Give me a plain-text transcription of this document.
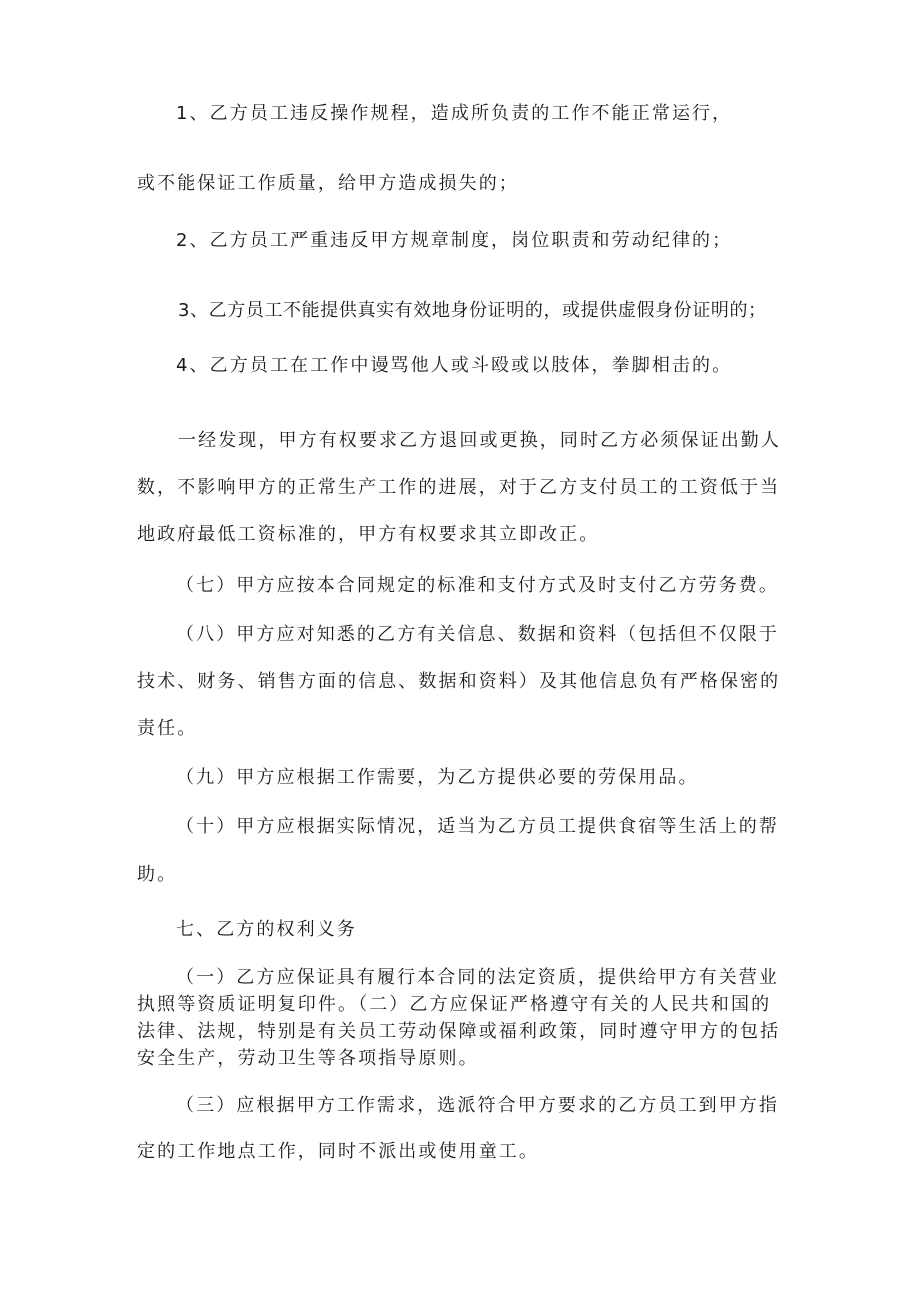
1、乙方员工违反操作规程，造成所负责的工作不能正常运行，

或不能保证工作质量，给甲方造成损失的；

2、乙方员工严重违反甲方规章制度，岗位职责和劳动纪律的；

3、乙方员工不能提供真实有效地身份证明的，或提供虚假身份证明的；

4、乙方员工在工作中谩骂他人或斗殴或以肢体，拳脚相击的。

一经发现，甲方有权要求乙方退回或更换，同时乙方必须保证出勤人

数，不影响甲方的正常生产工作的进展，对于乙方支付员工的工资低于当

地政府最低工资标准的，甲方有权要求其立即改正。

（七）甲方应按本合同规定的标准和支付方式及时支付乙方劳务费。

（八）甲方应对知悉的乙方有关信息、数据和资料（包括但不仅限于

技术、财务、销售方面的信息、数据和资料）及其他信息负有严格保密的

责任。

（九）甲方应根据工作需要，为乙方提供必要的劳保用品。

（十）甲方应根据实际情况，适当为乙方员工提供食宿等生活上的帮

助。

七、乙方的权利义务

（一）乙方应保证具有履行本合同的法定资质，提供给甲方有关营业

执照等资质证明复印件。（二）乙方应保证严格遵守有关的人民共和国的

法律、法规，特别是有关员工劳动保障或福利政策，同时遵守甲方的包括

安全生产，劳动卫生等各项指导原则。

（三）应根据甲方工作需求，选派符合甲方要求的乙方员工到甲方指

定的工作地点工作，同时不派出或使用童工。
